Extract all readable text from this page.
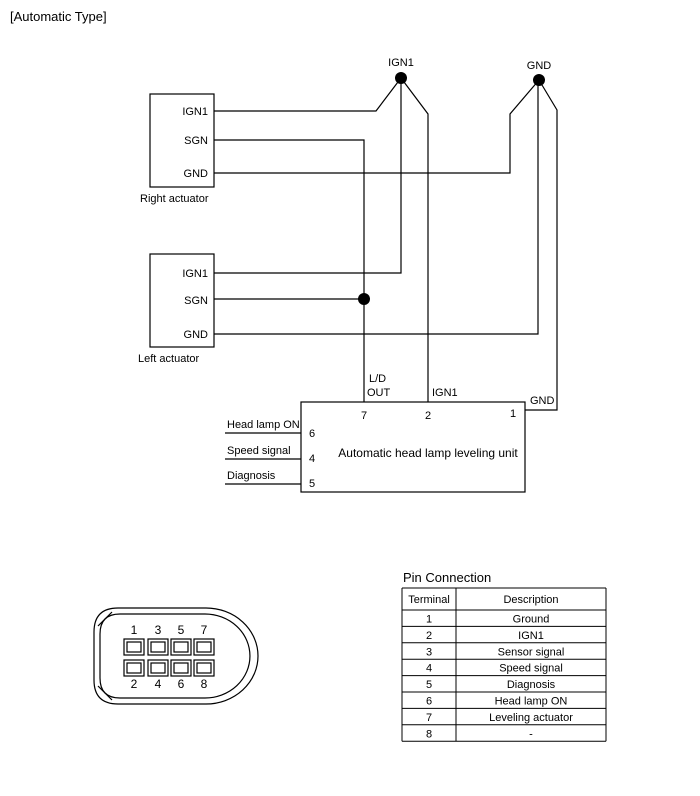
[Automatic Type]
IGN1	GND
IGN1
SGN
GND
Right actuator
IGN1
SGN
GND
Left actuator
L/D
OUT	IGN1
GND
7	2	1
Automatic head lamp leveling unit
Head lamp ON
6
Speed signal
4
Diagnosis
5
1 3 5 7
2 4 6 8
Pin Connection
Terminal	Description
1	Ground
2	IGN1
3	Sensor signal
4	Speed signal
5	Diagnosis
6	Head lamp ON
7	Leveling actuator
8	-
